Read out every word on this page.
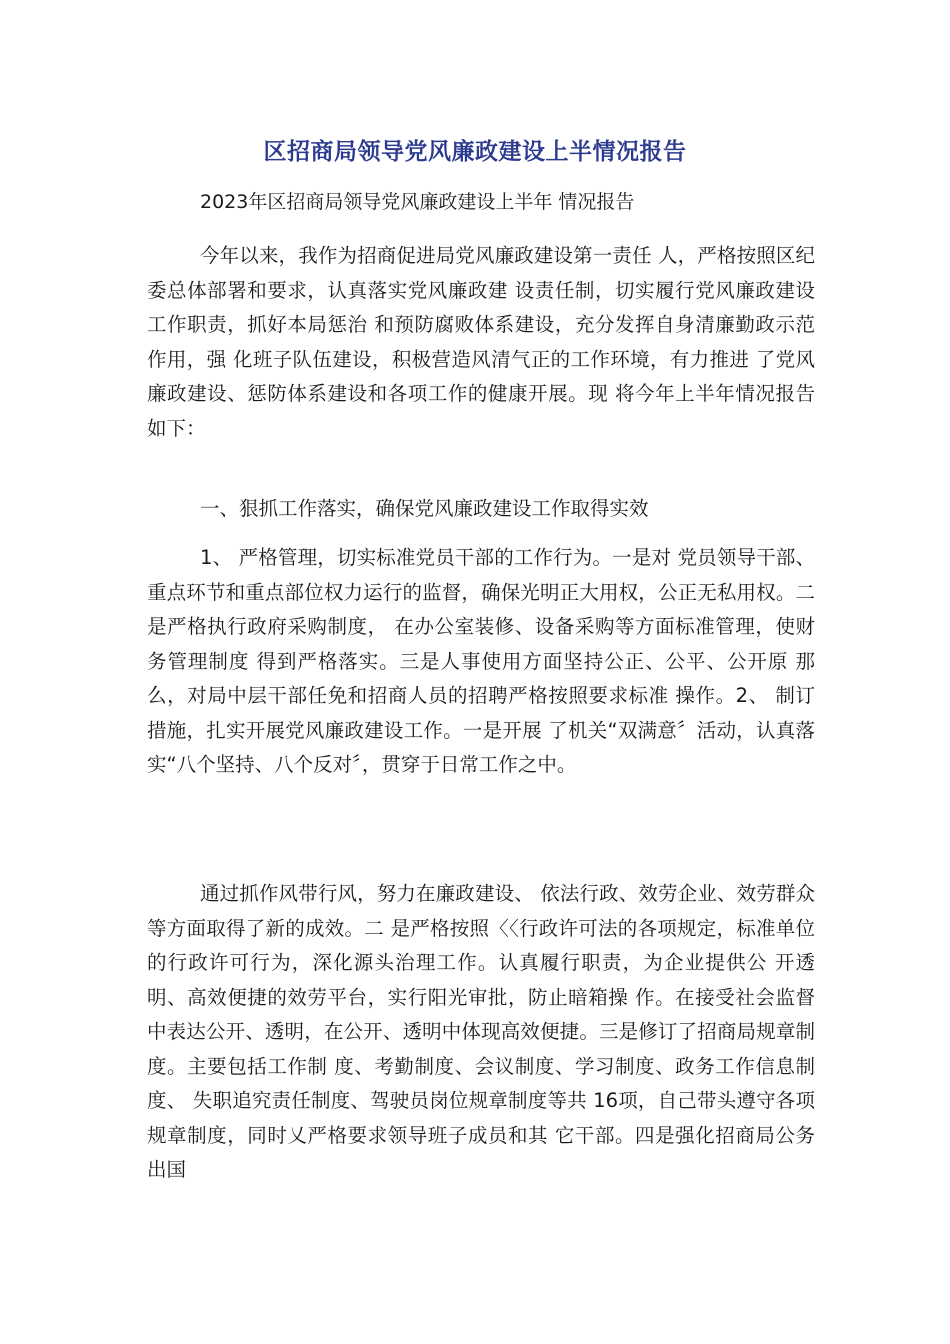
区招商局领导党风廉政建设上半情况报告

2023年区招商局领导党风廉政建设上半年 情况报告

今年以来，我作为招商促进局党风廉政建设第一责任 人，严格按照区纪委总体部署和要求，认真落实党风廉政建 设责任制，切实履行党风廉政建设工作职责，抓好本局惩治 和预防腐败体系建设，充分发挥自身清廉勤政示范作用，强 化班子队伍建设，积极营造风清气正的工作环境，有力推进 了党风廉政建设、惩防体系建设和各项工作的健康开展。现 将今年上半年情况报告如下：

一、狠抓工作落实，确保党风廉政建设工作取得实效

1、 严格管理，切实标准党员干部的工作行为。一是对 党员领导干部、重点环节和重点部位权力运行的监督，确保光明正大用权，公正无私用权。二是严格执行政府采购制度， 在办公室装修、设备采购等方面标准管理，使财务管理制度 得到严格落实。三是人事使用方面坚持公正、公平、公开原 那么，对局中层干部任免和招商人员的招聘严格按照要求标准 操作。2、 制订措施，扎实开展党风廉政建设工作。一是开展 了机关“双满意〞活动，认真落实“八个坚持、八个反对〞，贯穿于日常工作之中。

通过抓作风带行风，努力在廉政建设、 依法行政、效劳企业、效劳群众等方面取得了新的成效。二 是严格按照〈〈行政许可法的各项规定，标准单位的行政许可行为，深化源头治理工作。认真履行职责，为企业提供公 开透明、高效便捷的效劳平台，实行阳光审批，防止暗箱操 作。在接受社会监督中表达公开、透明，在公开、透明中体现高效便捷。三是修订了招商局规章制度。主要包括工作制 度、考勤制度、会议制度、学习制度、政务工作信息制度、 失职追究责任制度、驾驶员岗位规章制度等共 16项，自己带头遵守各项规章制度，同时乂严格要求领导班子成员和其 它干部。四是强化招商局公务出国
